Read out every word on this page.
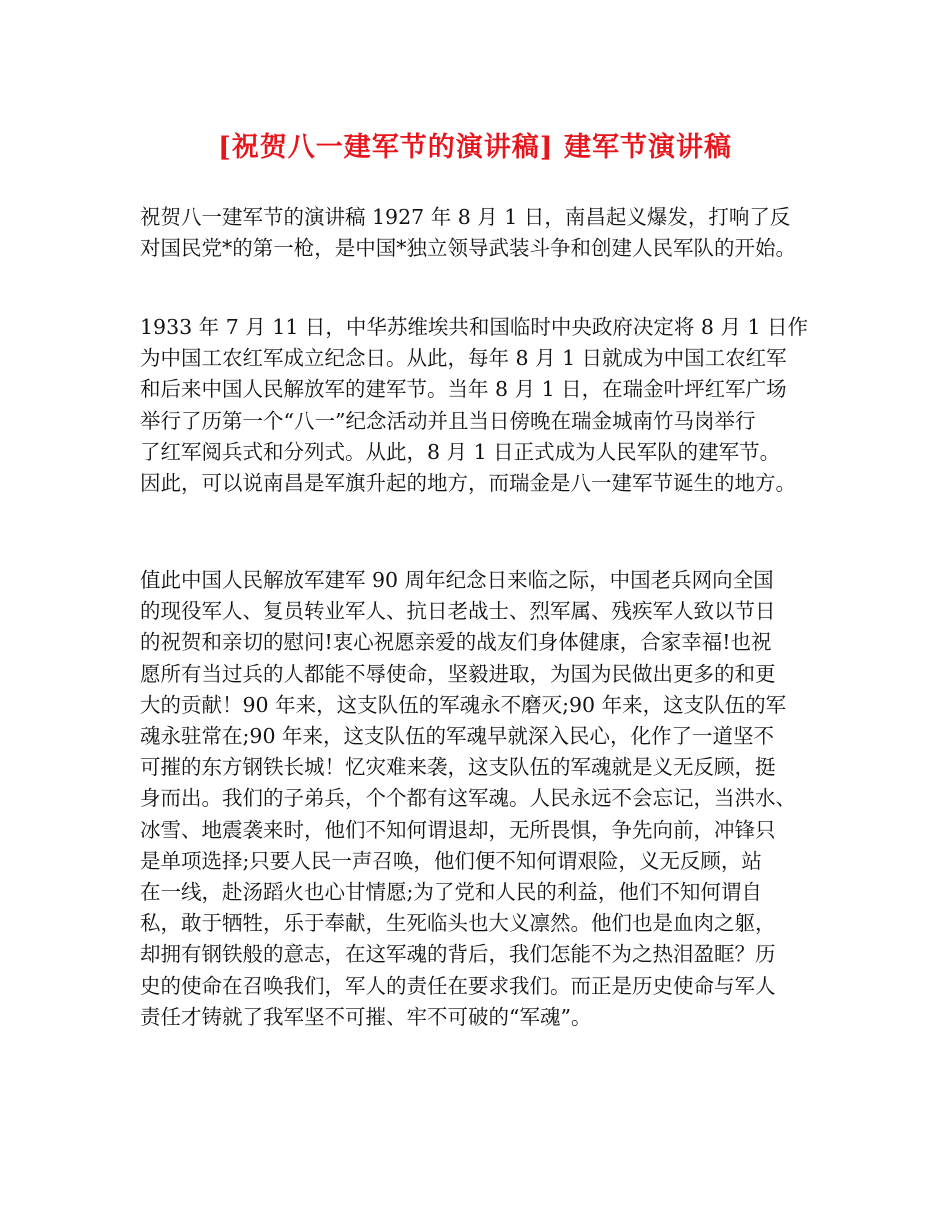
[祝贺八一建军节的演讲稿] 建军节演讲稿
祝贺八一建军节的演讲稿 1927 年 8 月 1 日，南昌起义爆发，打响了反
对国民党*的第一枪，是中国*独立领导武装斗争和创建人民军队的开始。
1933 年 7 月 11 日，中华苏维埃共和国临时中央政府决定将 8 月 1 日作
为中国工农红军成立纪念日。从此，每年 8 月 1 日就成为中国工农红军
和后来中国人民解放军的建军节。当年 8 月 1 日，在瑞金叶坪红军广场
举行了历第一个“八一”纪念活动并且当日傍晚在瑞金城南竹马岗举行
了红军阅兵式和分列式。从此，8 月 1 日正式成为人民军队的建军节。
因此，可以说南昌是军旗升起的地方，而瑞金是八一建军节诞生的地方。
值此中国人民解放军建军 90 周年纪念日来临之际，中国老兵网向全国
的现役军人、复员转业军人、抗日老战士、烈军属、残疾军人致以节日
的祝贺和亲切的慰问!衷心祝愿亲爱的战友们身体健康，合家幸福!也祝
愿所有当过兵的人都能不辱使命，坚毅进取，为国为民做出更多的和更
大的贡献！90 年来，这支队伍的军魂永不磨灭;90 年来，这支队伍的军
魂永驻常在;90 年来，这支队伍的军魂早就深入民心，化作了一道坚不
可摧的东方钢铁长城！忆灾难来袭，这支队伍的军魂就是义无反顾，挺
身而出。我们的子弟兵，个个都有这军魂。人民永远不会忘记，当洪水、
冰雪、地震袭来时，他们不知何谓退却，无所畏惧，争先向前，冲锋只
是单项选择;只要人民一声召唤，他们便不知何谓艰险，义无反顾，站
在一线，赴汤蹈火也心甘情愿;为了党和人民的利益，他们不知何谓自
私，敢于牺牲，乐于奉献，生死临头也大义凛然。他们也是血肉之躯，
却拥有钢铁般的意志，在这军魂的背后，我们怎能不为之热泪盈眶？历
史的使命在召唤我们，军人的责任在要求我们。而正是历史使命与军人
责任才铸就了我军坚不可摧、牢不可破的“军魂”。
